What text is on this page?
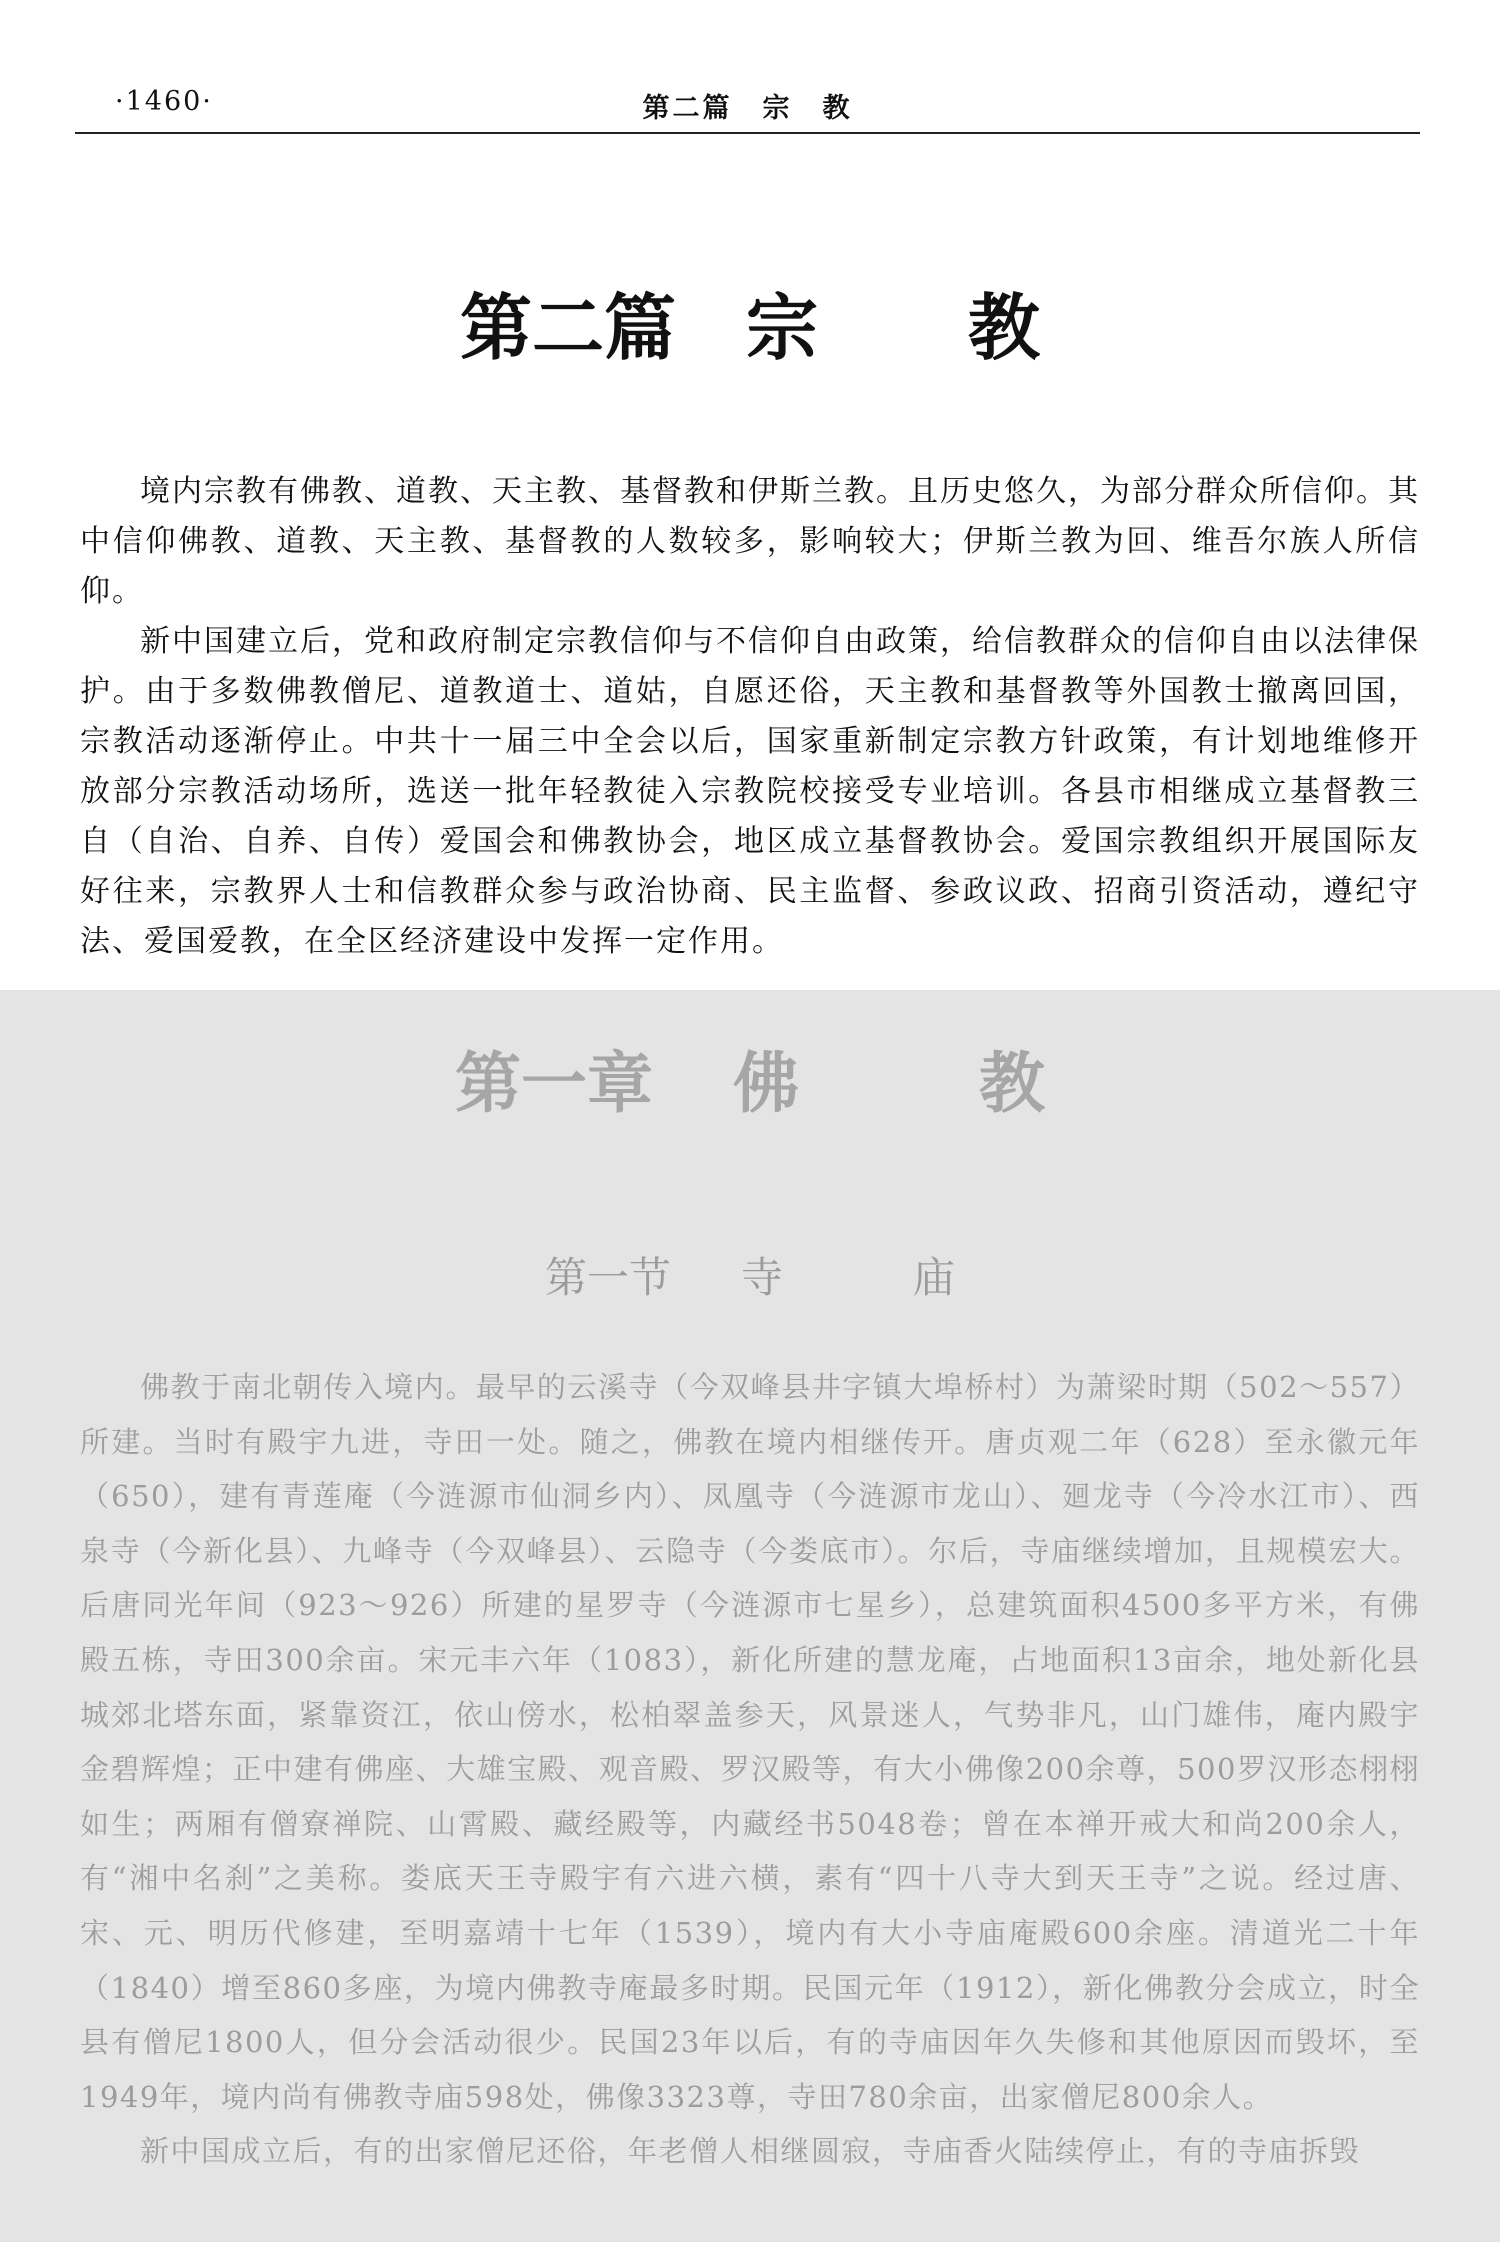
·1460·	第二篇　宗　教
第二篇 宗 教

境内宗教有佛教、道教、天主教、基督教和伊斯兰教。且历史悠久，为部分群众所信仰。其中信仰佛教、道教、天主教、基督教的人数较多，影响较大；伊斯兰教为回、维吾尔族人所信仰。

新中国建立后，党和政府制定宗教信仰与不信仰自由政策，给信教群众的信仰自由以法律保护。由于多数佛教僧尼、道教道士、道姑，自愿还俗，天主教和基督教等外国教士撤离回国，宗教活动逐渐停止。中共十一届三中全会以后，国家重新制定宗教方针政策，有计划地维修开放部分宗教活动场所，选送一批年轻教徒入宗教院校接受专业培训。各县市相继成立基督教三自（自治、自养、自传）爱国会和佛教协会，地区成立基督教协会。爱国宗教组织开展国际友好往来，宗教界人士和信教群众参与政治协商、民主监督、参政议政、招商引资活动，遵纪守法、爱国爱教，在全区经济建设中发挥一定作用。

第一章 佛	教
第一节 寺	庙

佛教于南北朝传入境内。最早的云溪寺（今双峰县井字镇大埠桥村）为萧梁时期（502～557）所建。当时有殿宇九进，寺田一处。随之，佛教在境内相继传开。唐贞观二年（628）至永徽元年（650），建有青莲庵（今涟源市仙洞乡内）、凤凰寺（今涟源市龙山）、廻龙寺（今冷水江市）、西泉寺（今新化县）、九峰寺（今双峰县）、云隐寺（今娄底市）。尔后，寺庙继续增加，且规模宏大。后唐同光年间（923～926）所建的星罗寺（今涟源市七星乡），总建筑面积4500多平方米，有佛殿五栋，寺田300余亩。宋元丰六年（1083），新化所建的慧龙庵，占地面积13亩余，地处新化县城郊北塔东面，紧靠资江，依山傍水，松柏翠盖参天，风景迷人，气势非凡，山门雄伟，庵内殿宇金碧辉煌；正中建有佛座、大雄宝殿、观音殿、罗汉殿等，有大小佛像200余尊，500罗汉形态栩栩如生；两厢有僧寮禅院、山霄殿、藏经殿等，内藏经书5048卷；曾在本禅开戒大和尚200余人，有“湘中名刹”之美称。娄底天王寺殿宇有六进六横，素有“四十八寺大到天王寺”之说。经过唐、宋、元、明历代修建，至明嘉靖十七年（1539），境内有大小寺庙庵殿600余座。清道光二十年（1840）增至860多座，为境内佛教寺庵最多时期。民国元年（1912），新化佛教分会成立，时全县有僧尼1800人，但分会活动很少。民国23年以后，有的寺庙因年久失修和其他原因而毁坏，至1949年，境内尚有佛教寺庙598处，佛像3323尊，寺田780余亩，出家僧尼800余人。

新中国成立后，有的出家僧尼还俗，年老僧人相继圆寂，寺庙香火陆续停止，有的寺庙拆毁
